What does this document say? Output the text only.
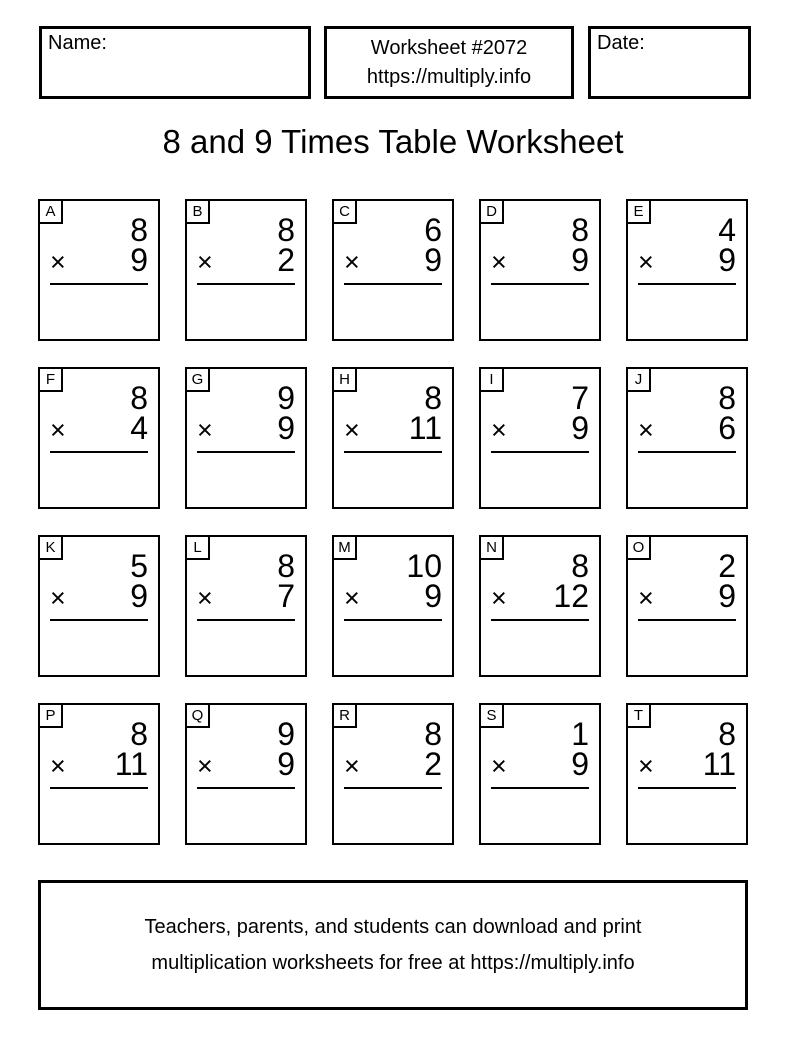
Name:	Worksheet #2072
https://multiply.info
Date:
8 and 9 Times Table Worksheet
A
8
× 9
B
8
× 2
C
6
× 9
D
8
× 9
E
4
× 9
F
8
× 4
G
9
× 9
H
8
× 11
I
7
× 9
J
8
× 6
K
5
× 9
L
8
× 7
M
10
× 9
N
8
× 12
O
2
× 9
P
8
× 11
Q
9
× 9
R
8
× 2
S
1
× 9
T
8
× 11
Teachers, parents, and students can download and print
multiplication worksheets for free at https://multiply.info
